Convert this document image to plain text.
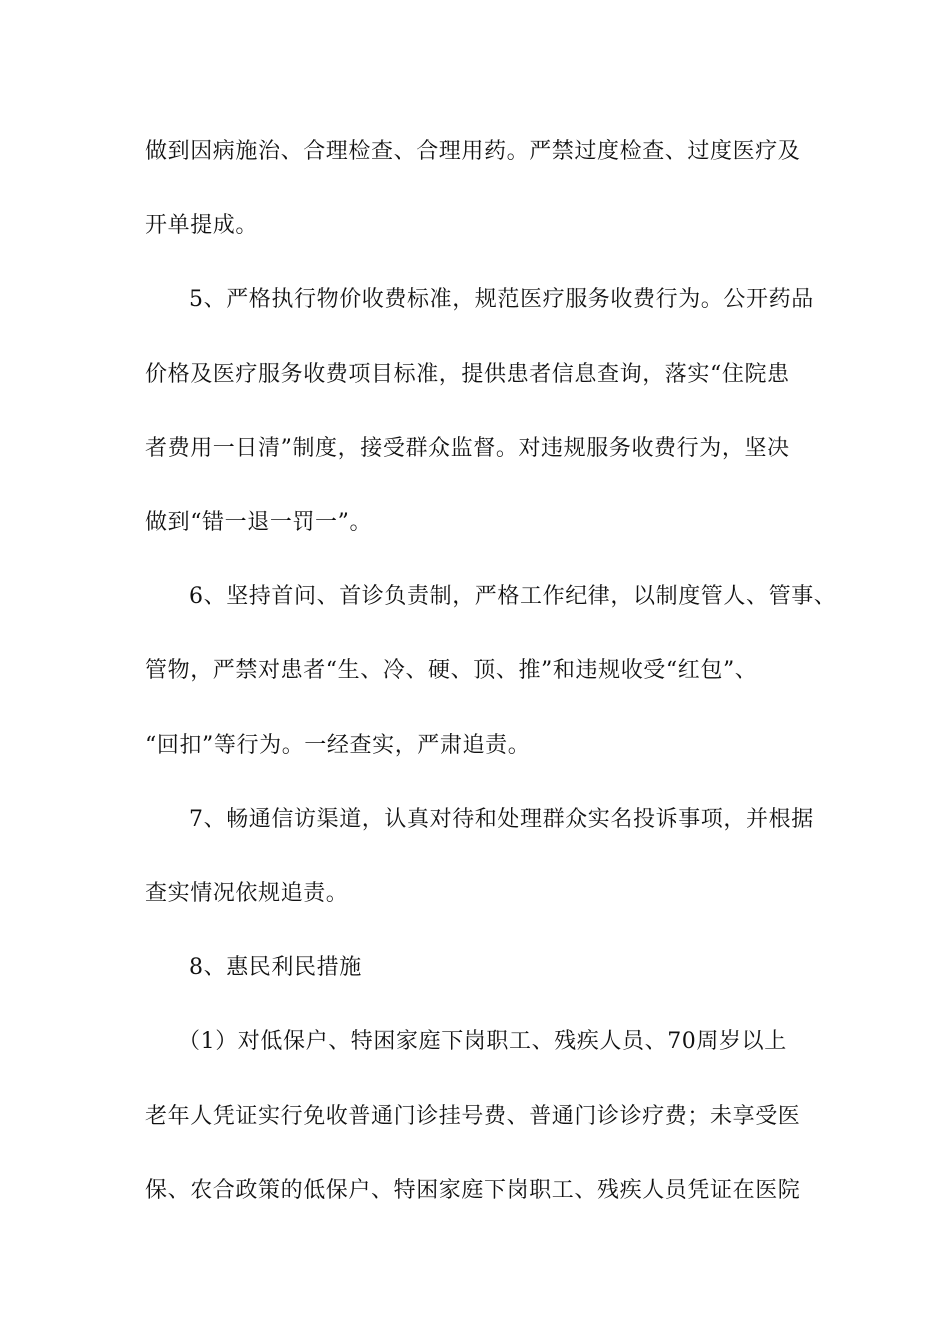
做到因病施治、合理检查、合理用药。严禁过度检查、过度医疗及
开单提成。
5、严格执行物价收费标准，规范医疗服务收费行为。公开药品
价格及医疗服务收费项目标准，提供患者信息查询，落实“住院患
者费用一日清”制度，接受群众监督。对违规服务收费行为，坚决
做到“错一退一罚一”。
6、坚持首问、首诊负责制，严格工作纪律，以制度管人、管事、
管物，严禁对患者“生、冷、硬、顶、推”和违规收受“红包”、
“回扣”等行为。一经查实，严肃追责。
7、畅通信访渠道，认真对待和处理群众实名投诉事项，并根据
查实情况依规追责。
8、惠民利民措施
（1）对低保户、特困家庭下岗职工、残疾人员、70周岁以上
老年人凭证实行免收普通门诊挂号费、普通门诊诊疗费；未享受医
保、农合政策的低保户、特困家庭下岗职工、残疾人员凭证在医院
